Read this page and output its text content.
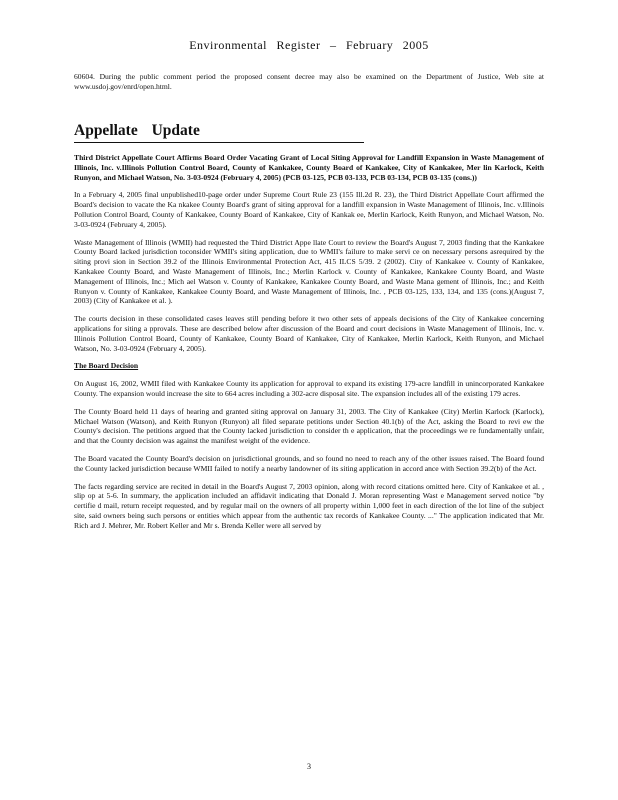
Environmental Register – February 2005

60604. During the public comment period the proposed consent decree may also be examined on the Department of Justice, Web site at www.usdoj.gov/enrd/open.html.

Appellate Update

Third District Appellate Court Affirms Board Order Vacating Grant of Local Siting Approval for Landfill Expansion in Waste Management of Illinois, Inc. v.Illinois Pollution Control Board, County of Kankakee, County Board of Kankakee, City of Kankakee, Mer lin Karlock, Keith Runyon, and Michael Watson, No. 3-03-0924 (February 4, 2005) (PCB 03-125, PCB 03-133, PCB 03-134, PCB 03-135 (cons.))

In a February 4, 2005 final unpublished10-page order under Supreme Court Rule 23 (155 Ill.2d R. 23), the Third District Appellate Court affirmed the Board's decision to vacate the Ka nkakee County Board's grant of siting approval for a landfill expansion in Waste Management of Illinois, Inc. v.Illinois Pollution Control Board, County of Kankakee, County Board of Kankakee, City of Kankak ee, Merlin Karlock, Keith Runyon, and Michael Watson, No. 3-03-0924 (February 4, 2005).

Waste Management of Illinois (WMII) had requested the Third District Appe llate Court to review the Board's August 7, 2003 finding that the Kankakee County Board lacked jurisdiction toconsider WMII's siting application, due to WMII's failure to make servi ce on necessary persons asrequired by the siting provi sion in Section 39.2 of the Illinois Environmental Protection Act, 415 ILCS 5/39. 2 (2002). City of Kankakee v. County of Kankakee, Kankakee County Board, and Waste Management of Illinois, Inc.; Merlin Karlock v. County of Kankakee, Kankakee County Board, and Waste Management of Illinois, Inc.; Mich ael Watson v. County of Kankakee, Kankakee County Board, and Waste Mana gement of Illinois, Inc.; and Keith Runyon v. County of Kankakee, Kankakee County Board, and Waste Management of Illinois, Inc. , PCB 03-125, 133, 134, and 135 (cons.)(August 7, 2003) (City of Kankakee et al. ).

The courts decision in these consolidated cases leaves still pending before it two other sets of appeals decisions of the City of Kankakee concerning applications for siting a pprovals. These are described below after discussion of the Board and court decisions in Waste Management of Illinois, Inc. v. Illinois Pollution Control Board, County of Kankakee, County Board of Kankakee, City of Kankakee, Merlin Karlock, Keith Runyon, and Michael Watson, No. 3-03-0924 (February 4, 2005).

The Board Decision

On August 16, 2002, WMII filed with Kankakee County its application for approval to expand its existing 179-acre landfill in unincorporated Kankakee County. The expansion would increase the site to 664 acres including a 302-acre disposal site. The expansion includes all of the existing 179 acres.

The County Board held 11 days of hearing and granted siting approval on January 31, 2003. The City of Kankakee (City) Merlin Karlock (Karlock), Michael Watson (Watson), and Keith Runyon (Runyon) all filed separate petitions under Section 40.1(b) of the Act, asking the Board to revi ew the County's decision. The petitions argued that the County lacked jurisdiction to consider th e application, that the proceedings we re fundamentally unfair, and that the County decision was against the manifest weight of the evidence.

The Board vacated the County Board's decision on jurisdictional grounds, and so found no need to reach any of the other issues raised. The Board found the County lacked jurisdiction because WMII failed to notify a nearby landowner of its siting application in accord ance with Section 39.2(b) of the Act.

The facts regarding service are recited in detail in the Board's August 7, 2003 opinion, along with record citations omitted here. City of Kankakee et al. , slip op at 5-6. In summary, the application included an affidavit indicating that Donald J. Moran representing Wast e Management served notice "by certifie d mail, return receipt requested, and by regular mail on the owners of all property within 1,000 feet in each direction of the lot line of the subject site, said owners being such persons or entities which appear from the authentic tax records of Kankakee County. ..." The application indicated that Mr. Rich ard J. Mehrer, Mr. Robert Keller and Mr s. Brenda Keller were all served by

3
